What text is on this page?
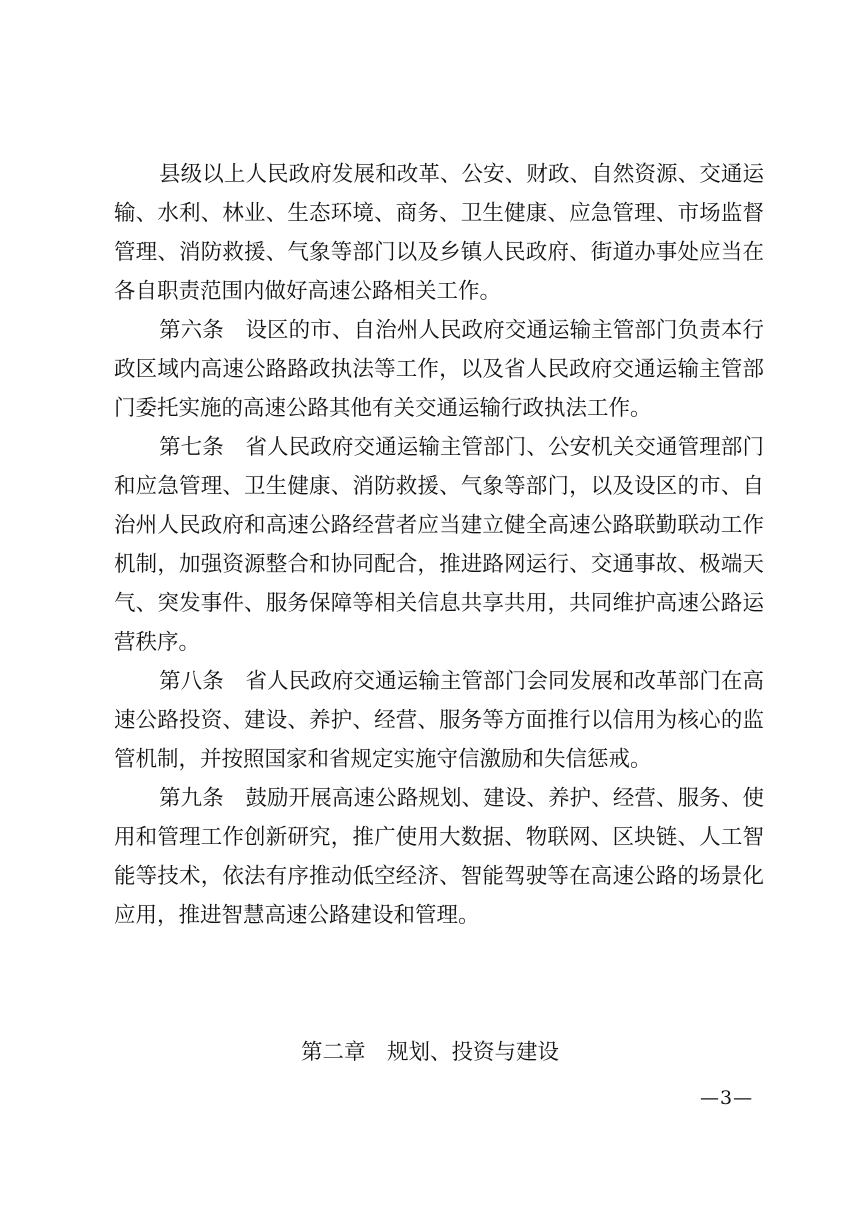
县级以上人民政府发展和改革、公安、财政、自然资源、交通运输、水利、林业、生态环境、商务、卫生健康、应急管理、市场监督管理、消防救援、气象等部门以及乡镇人民政府、街道办事处应当在各自职责范围内做好高速公路相关工作。

第六条　设区的市、自治州人民政府交通运输主管部门负责本行政区域内高速公路路政执法等工作，以及省人民政府交通运输主管部门委托实施的高速公路其他有关交通运输行政执法工作。

第七条　省人民政府交通运输主管部门、公安机关交通管理部门和应急管理、卫生健康、消防救援、气象等部门，以及设区的市、自治州人民政府和高速公路经营者应当建立健全高速公路联勤联动工作机制，加强资源整合和协同配合，推进路网运行、交通事故、极端天气、突发事件、服务保障等相关信息共享共用，共同维护高速公路运营秩序。

第八条　省人民政府交通运输主管部门会同发展和改革部门在高速公路投资、建设、养护、经营、服务等方面推行以信用为核心的监管机制，并按照国家和省规定实施守信激励和失信惩戒。

第九条　鼓励开展高速公路规划、建设、养护、经营、服务、使用和管理工作创新研究，推广使用大数据、物联网、区块链、人工智能等技术，依法有序推动低空经济、智能驾驶等在高速公路的场景化应用，推进智慧高速公路建设和管理。

第二章　规划、投资与建设

—3—
